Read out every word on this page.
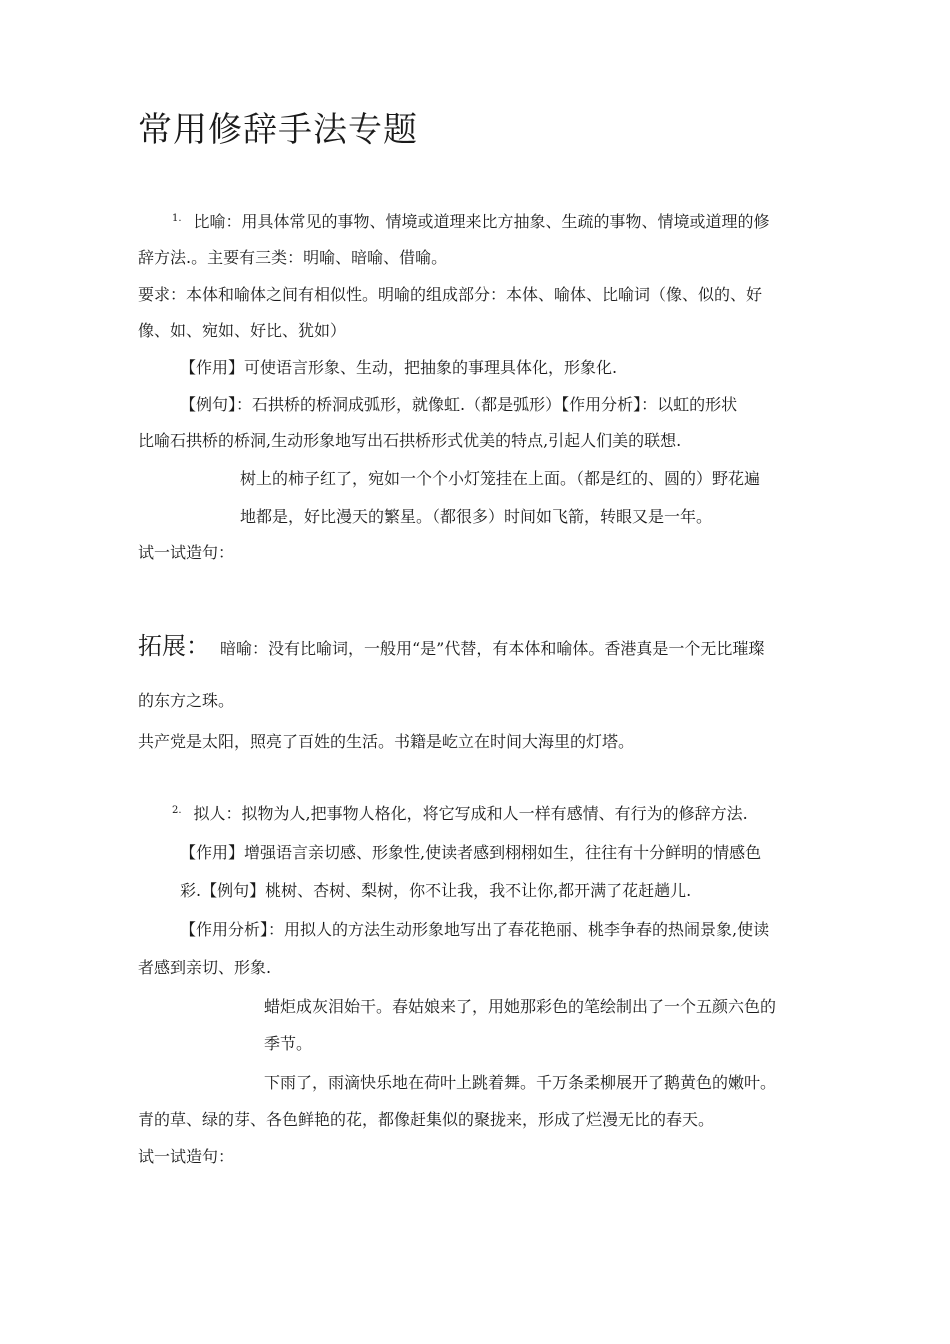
常用修辞手法专题
$^{1.}$ 比喻：用具体常见的事物、情境或道理来比方抽象、生疏的事物、情境或道理的修
辞方法.。主要有三类：明喻、暗喻、借喻。
要求：本体和喻体之间有相似性。明喻的组成部分：本体、喻体、比喻词（像、似的、好
像、如、宛如、好比、犹如）
【作用】可使语言形象、生动，把抽象的事理具体化，形象化.
【例句】：石拱桥的桥洞成弧形，就像虹.（都是弧形）【作用分析】：以虹的形状
比喻石拱桥的桥洞,生动形象地写出石拱桥形式优美的特点,引起人们美的联想.
树上的柿子红了，宛如一个个小灯笼挂在上面。（都是红的、圆的）野花遍
地都是，好比漫天的繁星。（都很多）时间如飞箭，转眼又是一年。
试一试造句：
拓展： 暗喻：没有比喻词，一般用“是”代替，有本体和喻体。香港真是一个无比璀璨
的东方之珠。
共产党是太阳，照亮了百姓的生活。书籍是屹立在时间大海里的灯塔。
$^{2.}$ 拟人：拟物为人,把事物人格化，将它写成和人一样有感情、有行为的修辞方法.
【作用】增强语言亲切感、形象性,使读者感到栩栩如生，往往有十分鲜明的情感色
彩.【例句】桃树、杏树、梨树，你不让我，我不让你,都开满了花赶趟儿.
【作用分析】：用拟人的方法生动形象地写出了春花艳丽、桃李争春的热闹景象,使读
者感到亲切、形象.
蜡炬成灰泪始干。春姑娘来了，用她那彩色的笔绘制出了一个五颜六色的
季节。
下雨了，雨滴快乐地在荷叶上跳着舞。千万条柔柳展开了鹅黄色的嫩叶。
青的草、绿的芽、各色鲜艳的花，都像赶集似的聚拢来，形成了烂漫无比的春天。
试一试造句：
